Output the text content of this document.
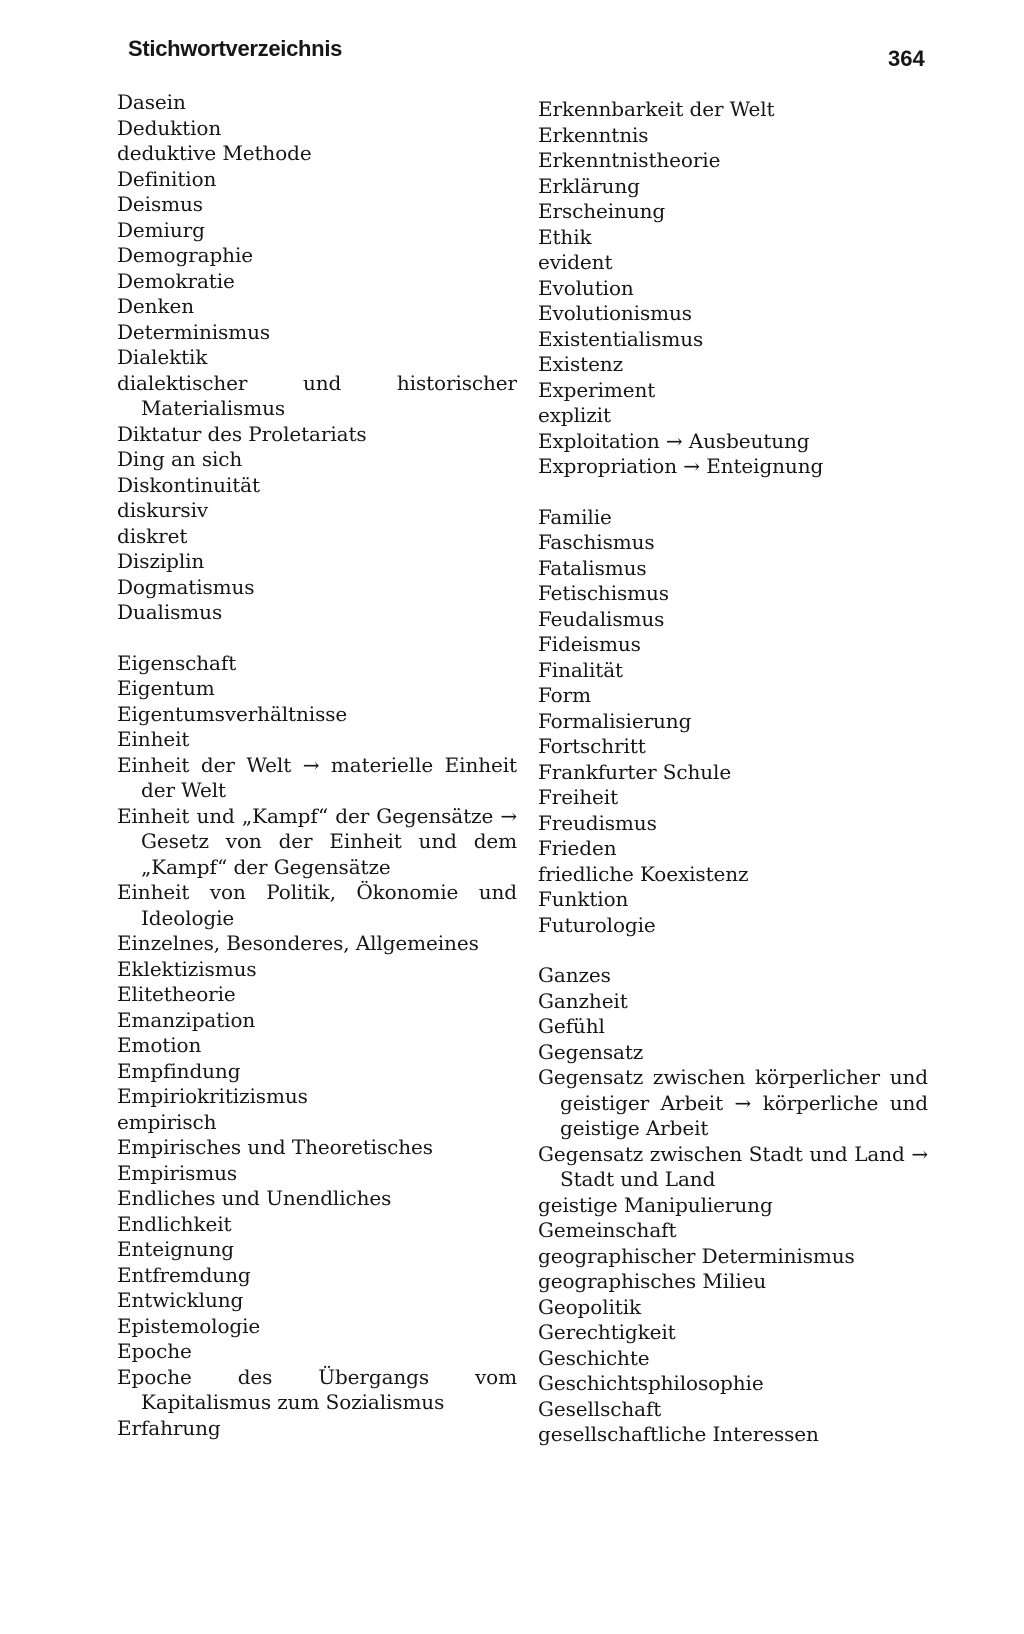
Stichwortverzeichnis	364

Dasein

Deduktion

deduktive Methode

Definition

Deismus

Demiurg

Demographie

Demokratie

Denken

Determinismus

Dialektik

dialektischer und historischer Materialismus

Diktatur des Proletariats

Ding an sich

Diskontinuität

diskursiv

diskret

Disziplin

Dogmatismus

Dualismus

Eigenschaft

Eigentum

Eigentumsverhältnisse

Einheit

Einheit der Welt → materielle Einheit der Welt

Einheit und „Kampf“ der Gegensätze → Gesetz von der Einheit und dem „Kampf“ der Gegensätze

Einheit von Politik, Ökonomie und Ideologie

Einzelnes, Besonderes, Allgemeines

Eklektizismus

Elitetheorie

Emanzipation

Emotion

Empfindung

Empiriokritizismus

empirisch

Empirisches und Theoretisches

Empirismus

Endliches und Unendliches

Endlichkeit

Enteignung

Entfremdung

Entwicklung

Epistemologie

Epoche

Epoche des Übergangs vom Kapitalismus zum Sozialismus

Erfahrung

Erkennbarkeit der Welt

Erkenntnis

Erkenntnistheorie

Erklärung

Erscheinung

Ethik

evident

Evolution

Evolutionismus

Existentialismus

Existenz

Experiment

explizit

Exploitation → Ausbeutung

Expropriation → Enteignung

Familie

Faschismus

Fatalismus

Fetischismus

Feudalismus

Fideismus

Finalität

Form

Formalisierung

Fortschritt

Frankfurter Schule

Freiheit

Freudismus

Frieden

friedliche Koexistenz

Funktion

Futurologie

Ganzes

Ganzheit

Gefühl

Gegensatz

Gegensatz zwischen körperlicher und geistiger Arbeit → körperliche und geistige Arbeit

Gegensatz zwischen Stadt und Land → Stadt und Land

geistige Manipulierung

Gemeinschaft

geographischer Determinismus

geographisches Milieu

Geopolitik

Gerechtigkeit

Geschichte

Geschichtsphilosophie

Gesellschaft

gesellschaftliche Interessen
